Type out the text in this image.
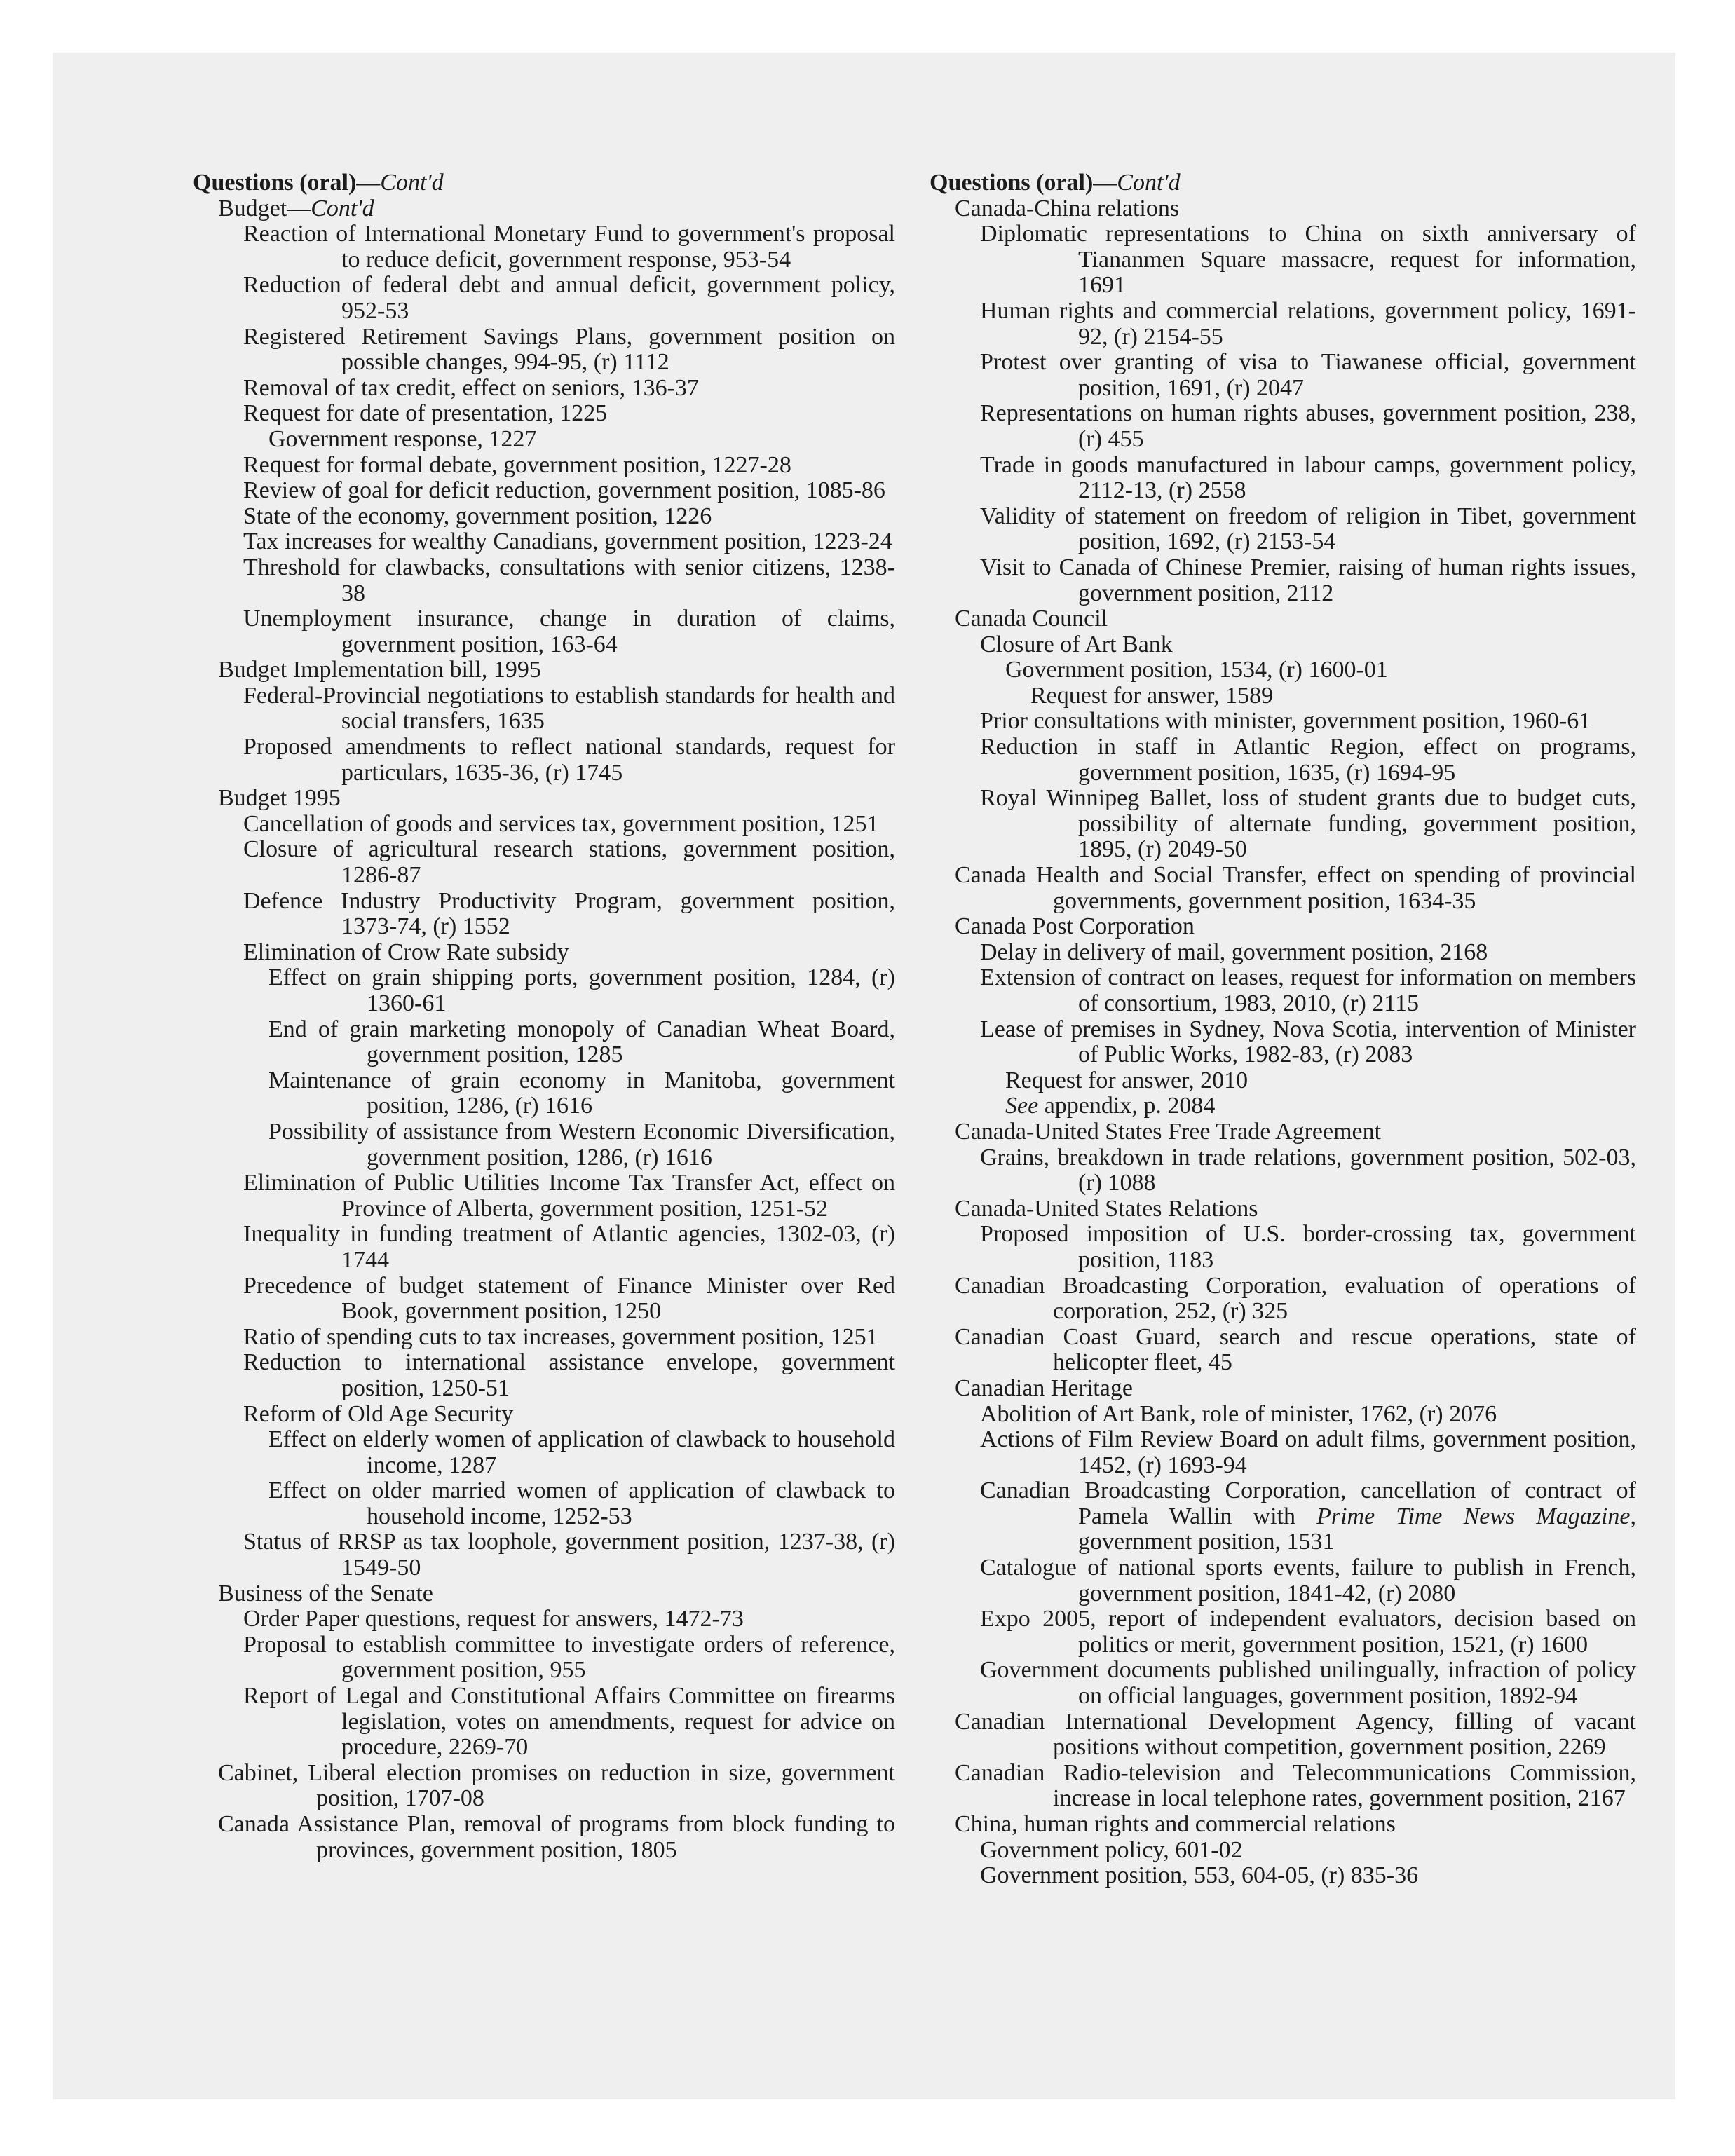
Questions (oral)—Cont'd

Budget—Cont'd
Reaction of International Monetary Fund to government's proposal to reduce deficit, government response, 953-54
Reduction of federal debt and annual deficit, government policy, 952-53
Registered Retirement Savings Plans, government position on possible changes, 994-95, (r) 1112
Removal of tax credit, effect on seniors, 136-37
Request for date of presentation, 1225
Government response, 1227
Request for formal debate, government position, 1227-28
Review of goal for deficit reduction, government position, 1085-86
State of the economy, government position, 1226
Tax increases for wealthy Canadians, government position, 1223-24
Threshold for clawbacks, consultations with senior citizens, 1238-38
Unemployment insurance, change in duration of claims, government position, 163-64
Budget Implementation bill, 1995
Federal-Provincial negotiations to establish standards for health and social transfers, 1635
Proposed amendments to reflect national standards, request for particulars, 1635-36, (r) 1745
Budget 1995
Cancellation of goods and services tax, government position, 1251
Closure of agricultural research stations, government position, 1286-87
Defence Industry Productivity Program, government position, 1373-74, (r) 1552
Elimination of Crow Rate subsidy
Effect on grain shipping ports, government position, 1284, (r) 1360-61
End of grain marketing monopoly of Canadian Wheat Board, government position, 1285
Maintenance of grain economy in Manitoba, government position, 1286, (r) 1616
Possibility of assistance from Western Economic Diversification, government position, 1286, (r) 1616
Elimination of Public Utilities Income Tax Transfer Act, effect on Province of Alberta, government position, 1251-52
Inequality in funding treatment of Atlantic agencies, 1302-03, (r) 1744
Precedence of budget statement of Finance Minister over Red Book, government position, 1250
Ratio of spending cuts to tax increases, government position, 1251
Reduction to international assistance envelope, government position, 1250-51
Reform of Old Age Security
Effect on elderly women of application of clawback to household income, 1287
Effect on older married women of application of clawback to household income, 1252-53
Status of RRSP as tax loophole, government position, 1237-38, (r) 1549-50
Business of the Senate
Order Paper questions, request for answers, 1472-73
Proposal to establish committee to investigate orders of reference, government position, 955
Report of Legal and Constitutional Affairs Committee on firearms legislation, votes on amendments, request for advice on procedure, 2269-70
Cabinet, Liberal election promises on reduction in size, government position, 1707-08
Canada Assistance Plan, removal of programs from block funding to provinces, government position, 1805

Questions (oral)—Cont'd

Canada-China relations
Diplomatic representations to China on sixth anniversary of Tiananmen Square massacre, request for information, 1691
Human rights and commercial relations, government policy, 1691-92, (r) 2154-55
Protest over granting of visa to Tiawanese official, government position, 1691, (r) 2047
Representations on human rights abuses, government position, 238, (r) 455
Trade in goods manufactured in labour camps, government policy, 2112-13, (r) 2558
Validity of statement on freedom of religion in Tibet, government position, 1692, (r) 2153-54
Visit to Canada of Chinese Premier, raising of human rights issues, government position, 2112
Canada Council
Closure of Art Bank
Government position, 1534, (r) 1600-01
Request for answer, 1589
Prior consultations with minister, government position, 1960-61
Reduction in staff in Atlantic Region, effect on programs, government position, 1635, (r) 1694-95
Royal Winnipeg Ballet, loss of student grants due to budget cuts, possibility of alternate funding, government position, 1895, (r) 2049-50
Canada Health and Social Transfer, effect on spending of provincial governments, government position, 1634-35
Canada Post Corporation
Delay in delivery of mail, government position, 2168
Extension of contract on leases, request for information on members of consortium, 1983, 2010, (r) 2115
Lease of premises in Sydney, Nova Scotia, intervention of Minister of Public Works, 1982-83, (r) 2083
Request for answer, 2010
See appendix, p. 2084
Canada-United States Free Trade Agreement
Grains, breakdown in trade relations, government position, 502-03, (r) 1088
Canada-United States Relations
Proposed imposition of U.S. border-crossing tax, government position, 1183
Canadian Broadcasting Corporation, evaluation of operations of corporation, 252, (r) 325
Canadian Coast Guard, search and rescue operations, state of helicopter fleet, 45
Canadian Heritage
Abolition of Art Bank, role of minister, 1762, (r) 2076
Actions of Film Review Board on adult films, government position, 1452, (r) 1693-94
Canadian Broadcasting Corporation, cancellation of contract of Pamela Wallin with Prime Time News Magazine, government position, 1531
Catalogue of national sports events, failure to publish in French, government position, 1841-42, (r) 2080
Expo 2005, report of independent evaluators, decision based on politics or merit, government position, 1521, (r) 1600
Government documents published unilingually, infraction of policy on official languages, government position, 1892-94
Canadian International Development Agency, filling of vacant positions without competition, government position, 2269
Canadian Radio-television and Telecommunications Commission, increase in local telephone rates, government position, 2167
China, human rights and commercial relations
Government policy, 601-02
Government position, 553, 604-05, (r) 835-36
